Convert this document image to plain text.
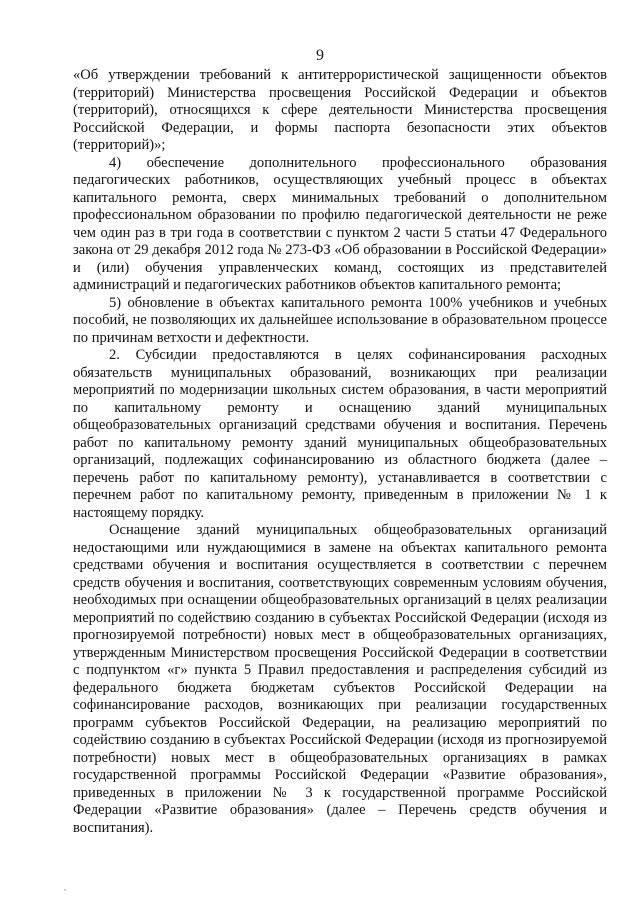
9

«Об утверждении требований к антитеррористической защищенности объектов (территорий) Министерства просвещения Российской Федерации и объектов (территорий), относящихся к сфере деятельности Министерства просвещения Российской Федерации, и формы паспорта безопасности этих объектов (территорий)»;

4) обеспечение дополнительного профессионального образования педагогических работников, осуществляющих учебный процесс в объектах капитального ремонта, сверх минимальных требований о дополнительном профессиональном образовании по профилю педагогической деятельности не реже чем один раз в три года в соответствии с пунктом 2 части 5 статьи 47 Федерального закона от 29 декабря 2012 года № 273-ФЗ «Об образовании в Российской Федерации» и (или) обучения управленческих команд, состоящих из представителей администраций и педагогических работников объектов капитального ремонта;

5) обновление в объектах капитального ремонта 100% учебников и учебных пособий, не позволяющих их дальнейшее использование в образовательном процессе по причинам ветхости и дефектности.

2. Субсидии предоставляются в целях софинансирования расходных обязательств муниципальных образований, возникающих при реализации мероприятий по модернизации школьных систем образования, в части мероприятий по капитальному ремонту и оснащению зданий муниципальных общеобразовательных организаций средствами обучения и воспитания. Перечень работ по капитальному ремонту зданий муниципальных общеобразовательных организаций, подлежащих софинансированию из областного бюджета (далее – перечень работ по капитальному ремонту), устанавливается в соответствии с перечнем работ по капитальному ремонту, приведенным в приложении № 1 к настоящему порядку.

Оснащение зданий муниципальных общеобразовательных организаций недостающими или нуждающимися в замене на объектах капитального ремонта средствами обучения и воспитания осуществляется в соответствии с перечнем средств обучения и воспитания, соответствующих современным условиям обучения, необходимых при оснащении общеобразовательных организаций в целях реализации мероприятий по содействию созданию в субъектах Российской Федерации (исходя из прогнозируемой потребности) новых мест в общеобразовательных организациях, утвержденным Министерством просвещения Российской Федерации в соответствии с подпунктом «г» пункта 5 Правил предоставления и распределения субсидий из федерального бюджета бюджетам субъектов Российской Федерации на софинансирование расходов, возникающих при реализации государственных программ субъектов Российской Федерации, на реализацию мероприятий по содействию созданию в субъектах Российской Федерации (исходя из прогнозируемой потребности) новых мест в общеобразовательных организациях в рамках государственной программы Российской Федерации «Развитие образования», приведенных в приложении № 3 к государственной программе Российской Федерации «Развитие образования» (далее – Перечень средств обучения и воспитания).
